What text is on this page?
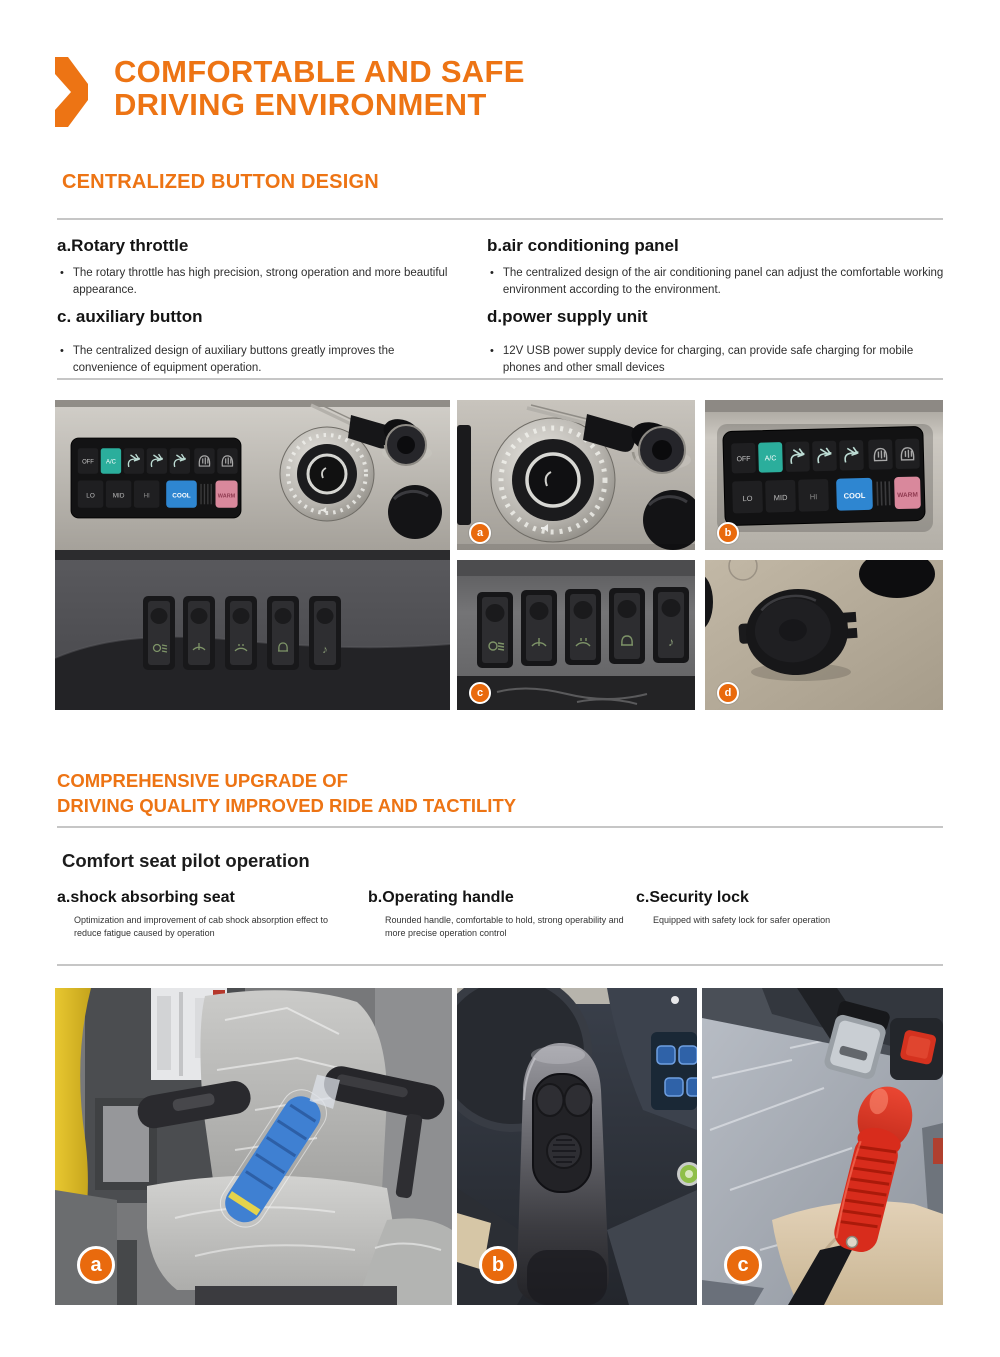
COMFORTABLE AND SAFE
DRIVING ENVIRONMENT
CENTRALIZED BUTTON DESIGN
a.Rotary throttle
• The rotary throttle has high precision, strong operation and more beautiful appearance.
b.air conditioning panel
• The centralized design of the air conditioning panel can adjust the comfortable working environment according to the environment.
c. auxiliary button
• The centralized design of auxiliary buttons greatly improves the convenience of equipment operation.
d.power supply unit
• 12V USB power supply device for charging, can provide safe charging for mobile phones and other small devices
OFF A/C
LO MID	HI	COOL	WARM
♪
a
OFF A/C
LO	MID	HI	COOL	WARM
b
♪
c	d
COMPREHENSIVE UPGRADE OF
DRIVING QUALITY IMPROVED RIDE AND TACTILITY
Comfort seat pilot operation
a.shock absorbing seat
Optimization and improvement of cab shock absorption effect to reduce fatigue caused by operation
b.Operating handle
Rounded handle, comfortable to hold, strong operability and more precise operation control
c.Security lock
Equipped with safety lock for safer operation
a	b	c
